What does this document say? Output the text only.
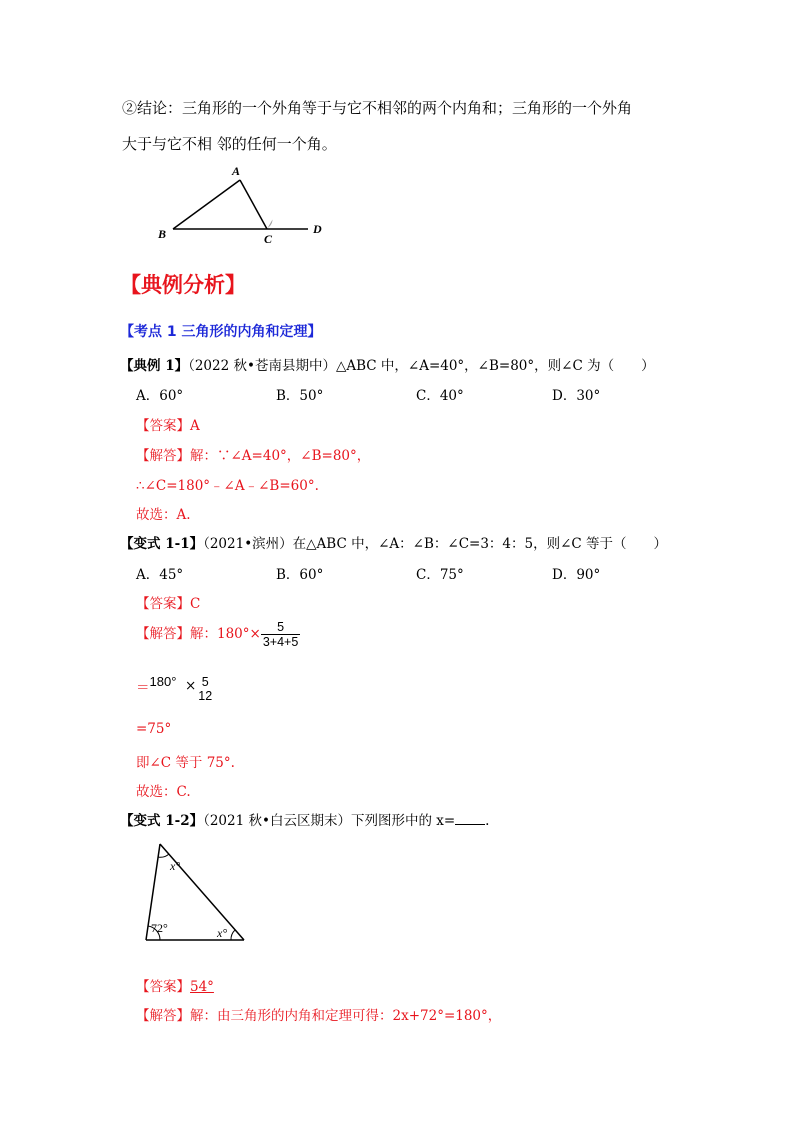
②结论：三角形的一个外角等于与它不相邻的两个内角和；三角形的一个外角
大于与它不相 邻的任何一个角。
A
B	C
D
【典例分析】
【考点 1 三角形的内角和定理】
【典例 1】（2022 秋•苍南县期中）△ABC 中，∠A=40°，∠B=80°，则∠C 为（　　）
A．60°	B．50°	C．40°	D．30°
【答案】A
【解答】解：∵∠A=40°，∠B=80°，
∴∠C=180°﹣∠A﹣∠B=60°.
故选：A.
【变式 1-1】（2021•滨州）在△ABC 中，∠A：∠B：∠C=3：4：5，则∠C 等于（　　）
A．45°	B．60°	C．75°	D．90°
【答案】C
【解答】解：$180^\circ\times \frac{5}{3+4+5}$
＝180° × 5
12
=75°
即∠C 等于 75°.
故选：C.
【变式 1-2】（2021 秋•白云区期末）下列图形中的 x= .
x°
72°	x°
【答案】54°
【解答】解：由三角形的内角和定理可得：2x+72°=180°，
